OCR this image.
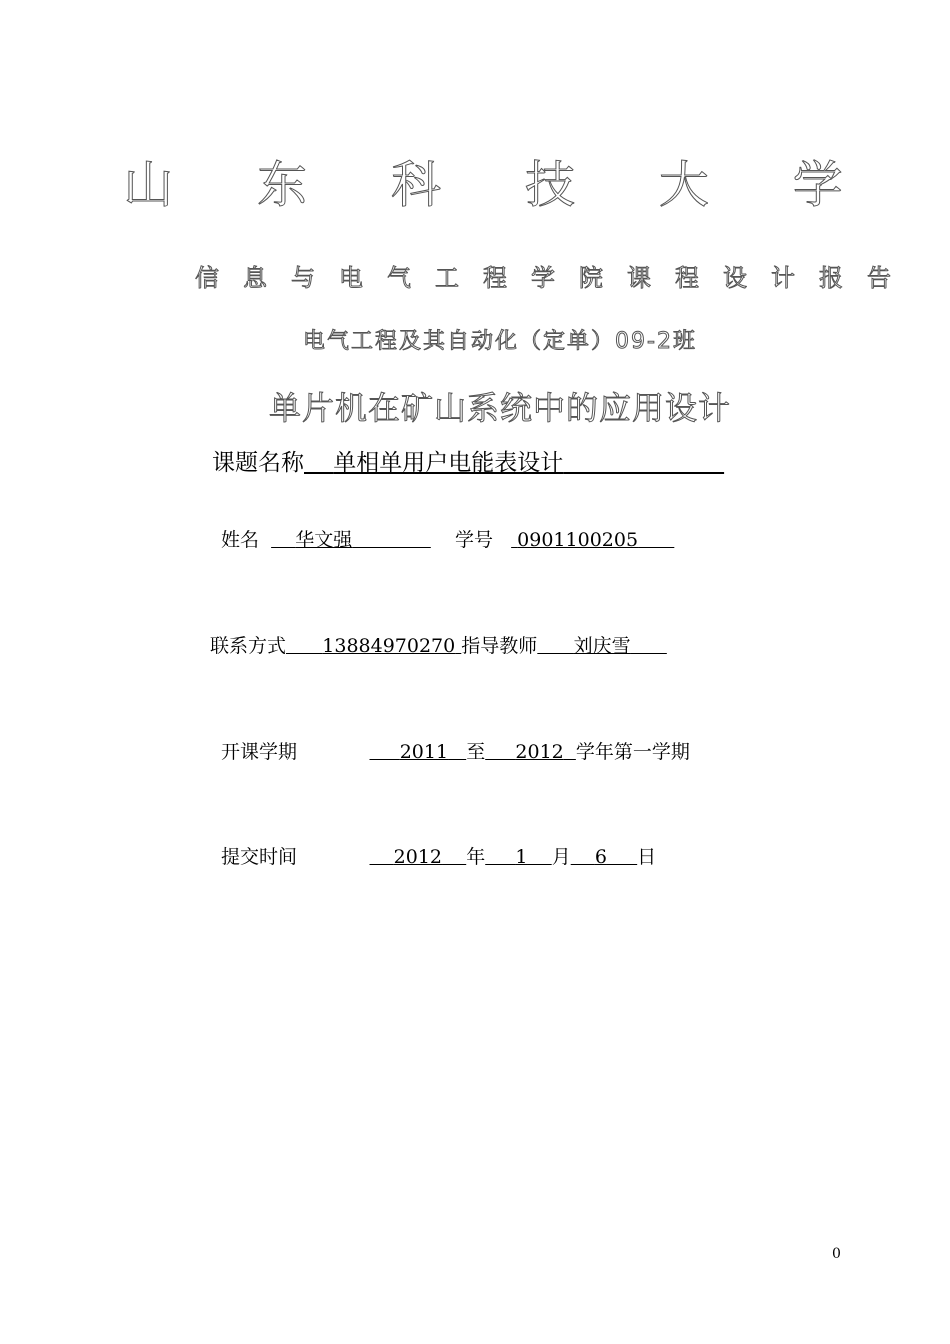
山 东 科 技 大 学
信息与电气工程学院课程设计报告
电气工程及其自动化（定单）09-2班
单片机在矿山系统中的应用设计
课题名称 单相单用户电能表设计
姓名 华文强	学号 0901100205
联系方式 13884970270 指导教师 刘庆雪
开课学期	2011 至 2012 学年第一学期
提交时间	2012 年 1 月 6 日
0
